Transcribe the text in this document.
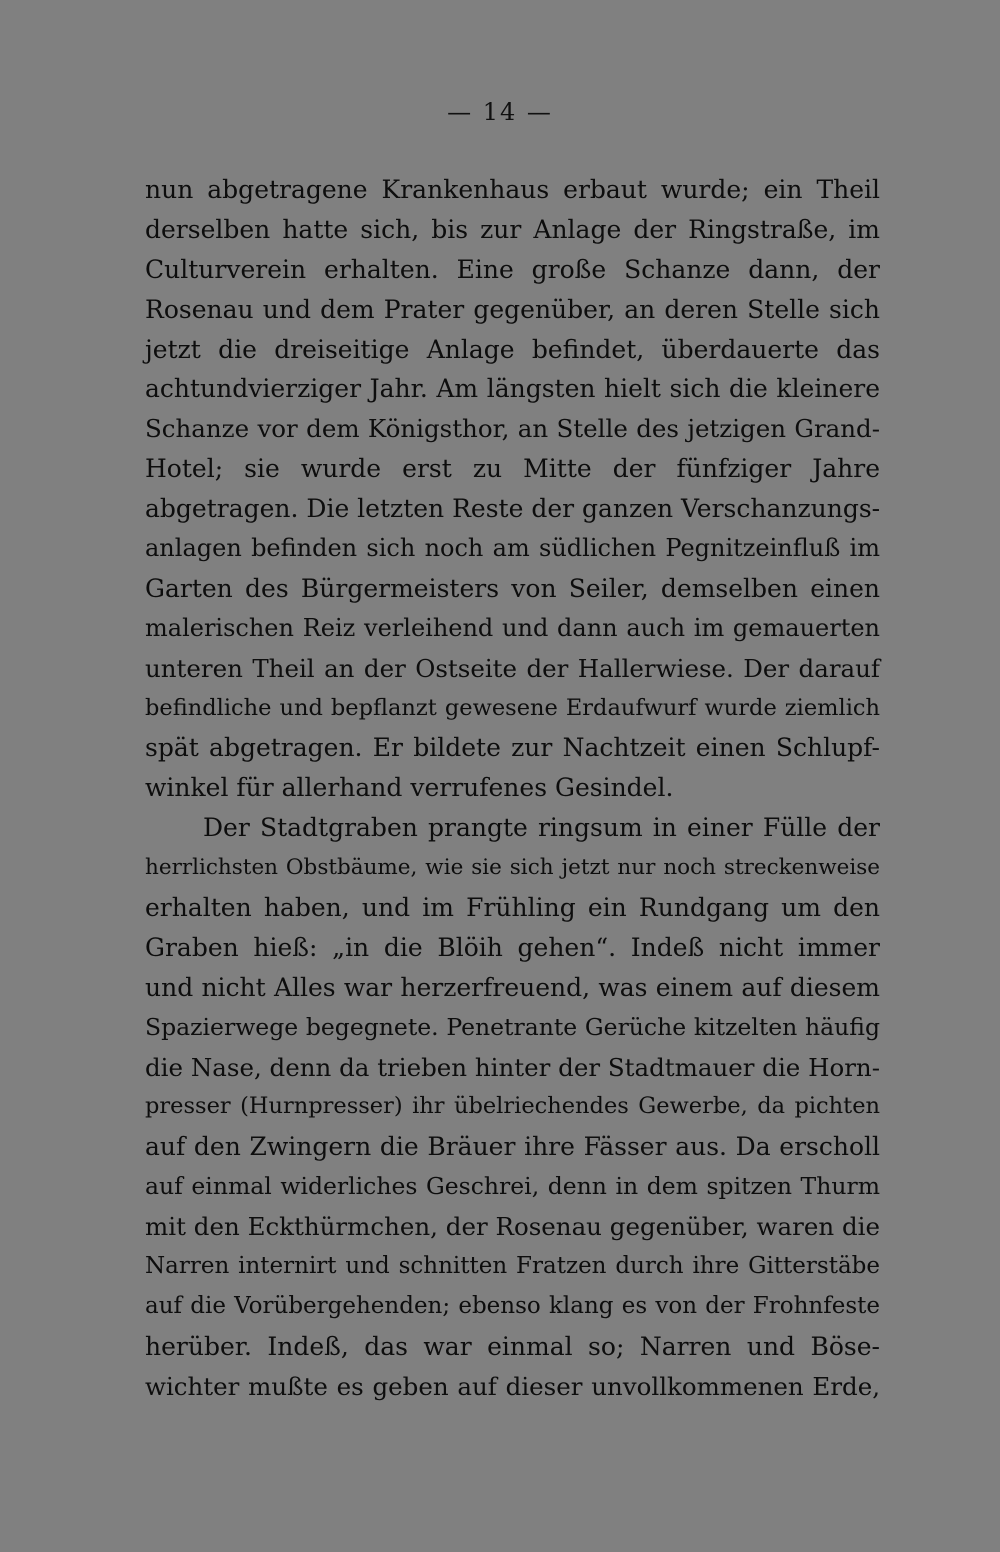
— 14 —
nun abgetragene Krankenhaus erbaut wurde; ein Theil
derselben hatte sich, bis zur Anlage der Ringstraße, im
Culturverein erhalten. Eine große Schanze dann, der
Rosenau und dem Prater gegenüber, an deren Stelle sich
jetzt die dreiseitige Anlage befindet, überdauerte das
achtundvierziger Jahr. Am längsten hielt sich die kleinere
Schanze vor dem Königsthor, an Stelle des jetzigen Grand-
Hotel; sie wurde erst zu Mitte der fünfziger Jahre
abgetragen. Die letzten Reste der ganzen Verschanzungs-
anlagen befinden sich noch am südlichen Pegnitzeinfluß im
Garten des Bürgermeisters von Seiler, demselben einen
malerischen Reiz verleihend und dann auch im gemauerten
unteren Theil an der Ostseite der Hallerwiese. Der darauf
befindliche und bepflanzt gewesene Erdaufwurf wurde ziemlich
spät abgetragen. Er bildete zur Nachtzeit einen Schlupf-
winkel für allerhand verrufenes Gesindel.
Der Stadtgraben prangte ringsum in einer Fülle der
herrlichsten Obstbäume, wie sie sich jetzt nur noch streckenweise
erhalten haben, und im Frühling ein Rundgang um den
Graben hieß: „in die Blöih gehen“. Indeß nicht immer
und nicht Alles war herzerfreuend, was einem auf diesem
Spazierwege begegnete. Penetrante Gerüche kitzelten häufig
die Nase, denn da trieben hinter der Stadtmauer die Horn-
presser (Hurnpresser) ihr übelriechendes Gewerbe, da pichten
auf den Zwingern die Bräuer ihre Fässer aus. Da erscholl
auf einmal widerliches Geschrei, denn in dem spitzen Thurm
mit den Eckthürmchen, der Rosenau gegenüber, waren die
Narren internirt und schnitten Fratzen durch ihre Gitterstäbe
auf die Vorübergehenden; ebenso klang es von der Frohnfeste
herüber. Indeß, das war einmal so; Narren und Böse-
wichter mußte es geben auf dieser unvollkommenen Erde,
